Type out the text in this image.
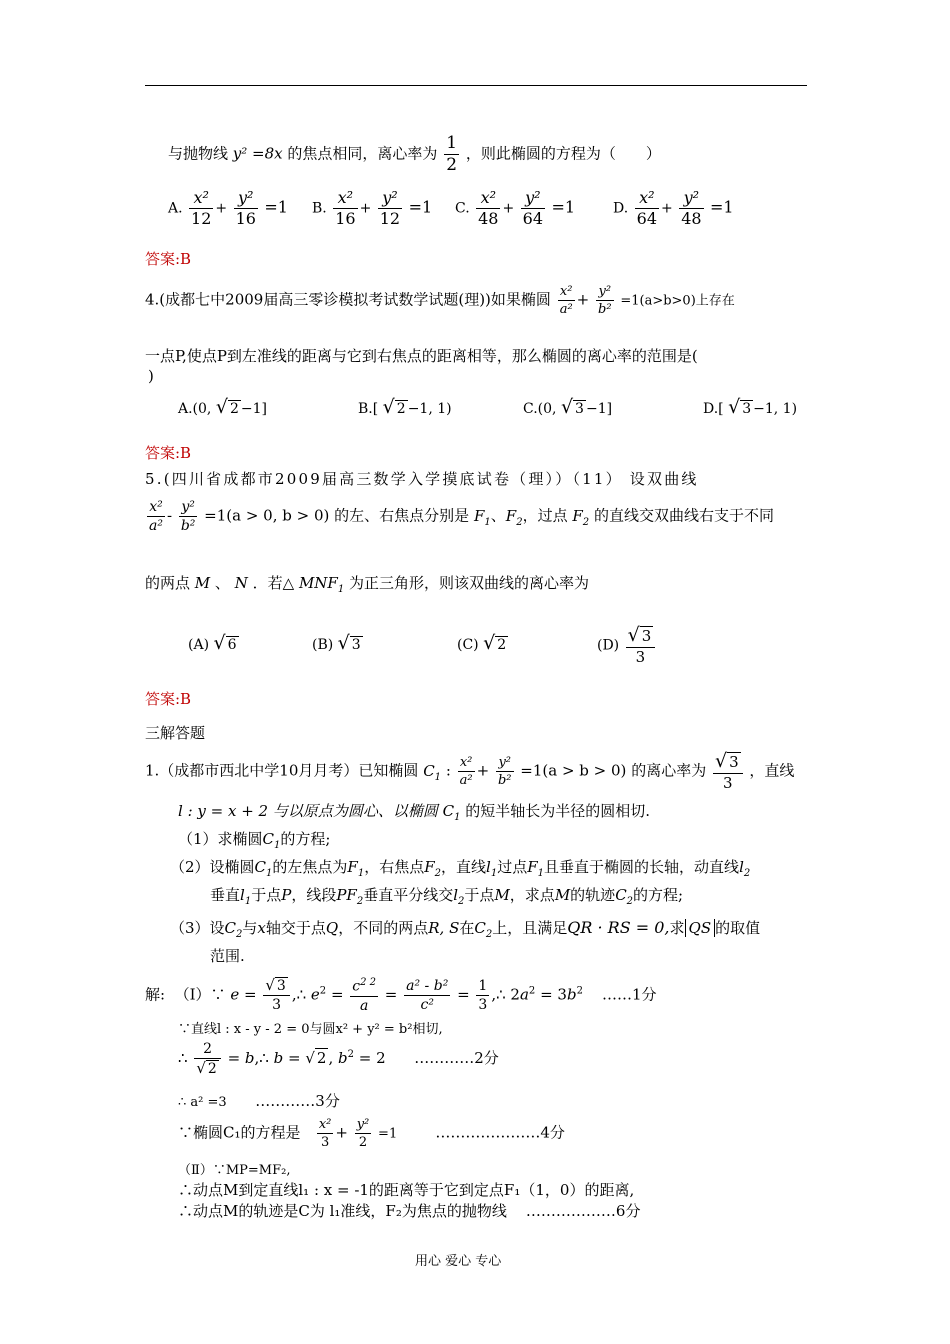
与抛物线 y² =8x 的焦点相同，离心率为 $\frac{1}{2}$ ，则此椭圆的方程为（　　）
A. $\frac{\text{x²}}{12} + \frac{\text{y²}}{16} =1$ B. $\frac{\text{x²}}{16} + \frac{\text{y²}}{12} =1$ C. $\frac{\text{x²}}{48} + \frac{\text{y²}}{64} =1$	D. $\frac{\text{x²}}{64} + \frac{\text{y²}}{48} =1$
答案:B
4.(成都七中2009届高三零诊模拟考试数学试题(理))如果椭圆 $\frac{\text{x²}}{\text{a²}} + \frac{\text{y²}}{\text{b²}} =1(a>b>0)$上存在
一点P,使点P到左准线的距离与它到右焦点的距离相等，那么椭圆的离心率的范围是(
)
A.(0, √ 2 −1]	B.[ √ 2 −1, 1)	C.(0, √ 3 −1]	D.[ √ 3 −1, 1)
答案:B
5.(四川省成都市2009届高三数学入学摸底试卷（理））（11） 设双曲线
$\frac{\text{x²}}{\text{a²}} - \frac{\text{y²}}{\text{b²}} =1(a > 0$, b > 0) 的左、右焦点分别是 $F_1$、$F_2$，过点 $F_2$ 的直线交双曲线右支于不同
的两点 M 、 N ．若△ $MNF_1$ 为正三角形，则该双曲线的离心率为
(A) √ 6	(B) √ 3	(C) √ 2	$(D) \frac{√ 3}{3}$
答案:B
三解答题
1.（成都市西北中学10月月考）已知椭圆 $C_1$ : $\frac{\text{x²}}{\text{a²}} + \frac{\text{y²}}{\text{b²}} =1(a > b > 0)$ 的离心率为 $\frac{√ 3}{3}$ ，直线
l : y = x + 2 与以原点为圆心、以椭圆 $C_1$ 的短半轴长为半径的圆相切.
（1）求椭圆$C_1$的方程;
（2）设椭圆$C_1$的左焦点为$F_1$，右焦点$F_2$，直线$l_1$过点$F_1$且垂直于椭圆的长轴，动直线$l_2$
垂直$l_1$于点P，线段$PF_2$垂直平分线交$l_2$于点M，求点M的轨迹$C_2$的方程;
（3）设$C_2$与x轴交于点Q，不同的两点R, S在$C_2$上，且满足QR · RS = 0,求 QS 的取值
范围.
解: （Ⅰ）∵ $e = \frac{√ 3}{3}$ ,∴ $e^2 = \frac{c^{2 2}}{a} = \frac{\text{a² - b²}}{\text{c²}} = \frac{1}{3}$ ,∴ $2a^2 = 3b^2$ ……1分
∵直线l : x - y - 2 = 0与圆x² + y² = b²相切,
∴ $\frac{2}{√ 2}$ = b,∴ b = √ 2 , $b^2 = 2$      …………2分
∴ a² =3 …………3分
∵椭圆C₁的方程是 $\frac{\text{x²}}{3} + \frac{\text{y²}}{2} =1$	…………………4分
（Ⅱ）∵MP=MF₂,
∴动点M到定直线l₁ : x = -1的距离等于它到定点F₁（1，0）的距离,
∴动点M的轨迹是C为 l₁准线，F₂为焦点的抛物线 ………………6分
用心 爱心 专心
